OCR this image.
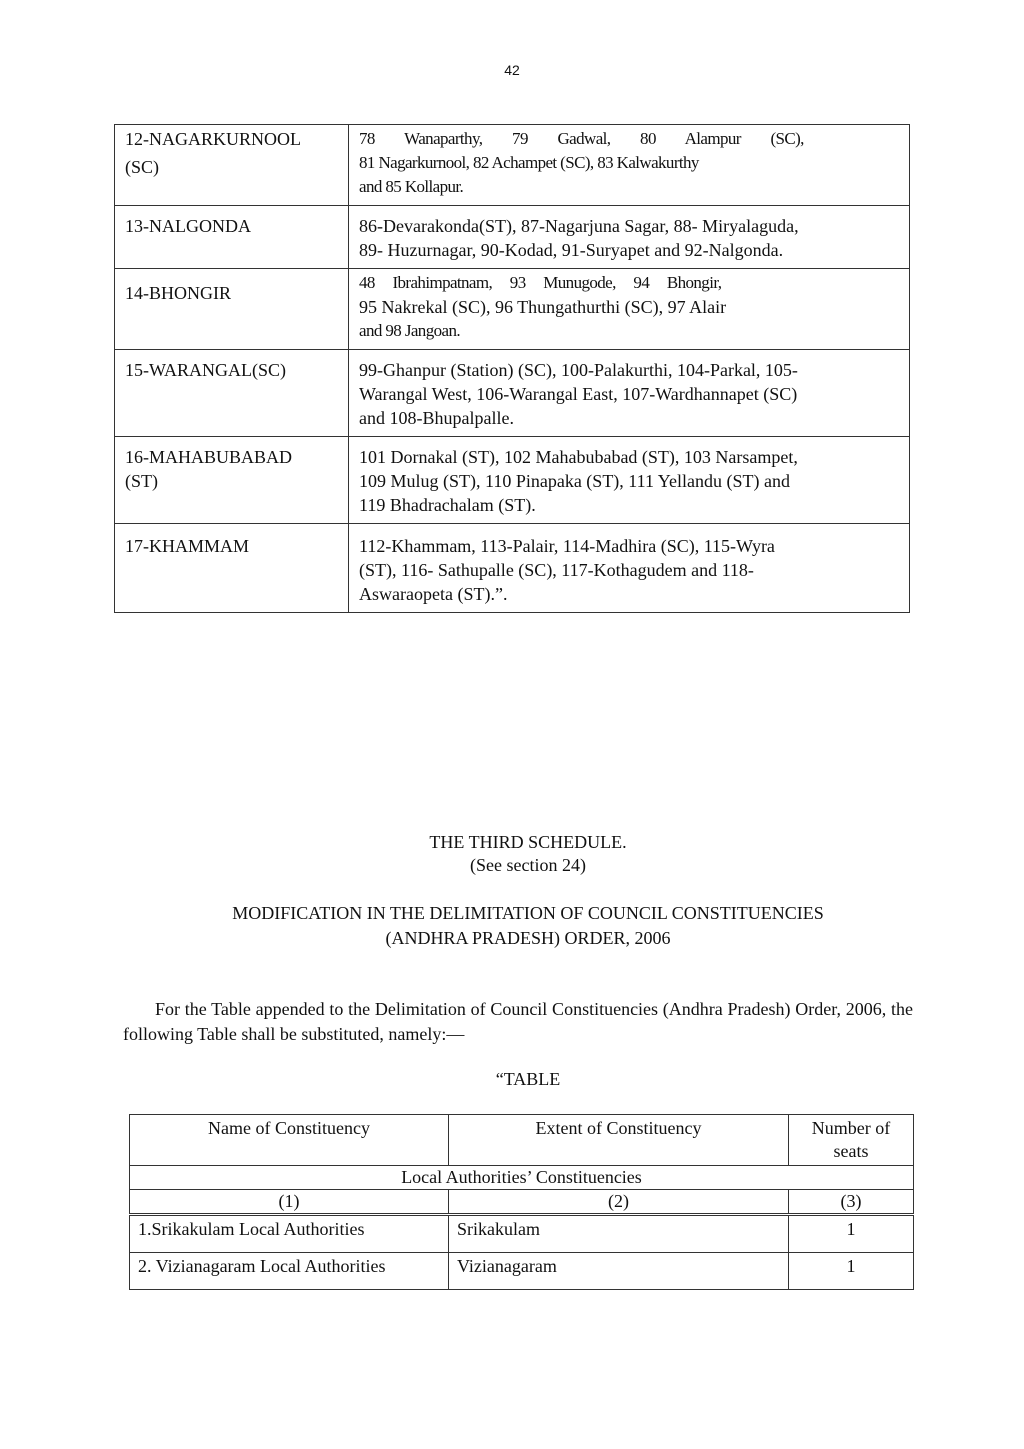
42
12-NAGARKURNOOL
(SC)	78 Wanaparthy, 79 Gadwal, 80 Alampur (SC),
81 Nagarkurnool, 82 Achampet (SC), 83 Kalwakurthy
and 85 Kollapur.

13-NALGONDA	86-Devarakonda(ST), 87-Nagarjuna Sagar, 88- Miryalaguda,
89- Huzurnagar, 90-Kodad, 91-Suryapet and 92-Nalgonda.

14-BHONGIR	48 Ibrahimpatnam, 93 Munugode, 94 Bhongir,
95 Nakrekal (SC), 96 Thungathurthi (SC), 97 Alair
and 98 Jangoan.

15-WARANGAL(SC)	99-Ghanpur (Station) (SC), 100-Palakurthi, 104-Parkal, 105-
Warangal West, 106-Warangal East, 107-Wardhannapet (SC)
and 108-Bhupalpalle.

16-MAHABUBABAD
(ST)	101 Dornakal (ST), 102 Mahabubabad (ST), 103 Narsampet,
109 Mulug (ST), 110 Pinapaka (ST), 111 Yellandu (ST) and
119 Bhadrachalam (ST).

17-KHAMMAM	112-Khammam, 113-Palair, 114-Madhira (SC), 115-Wyra
(ST), 116- Sathupalle (SC), 117-Kothagudem and 118-
Aswaraopeta (ST).”.
THE THIRD SCHEDULE.
(See section 24)
MODIFICATION IN THE DELIMITATION OF COUNCIL CONSTITUENCIES
(ANDHRA PRADESH) ORDER, 2006
For the Table appended to the Delimitation of Council Constituencies (Andhra Pradesh) Order, 2006, the following Table shall be substituted, namely:—
“TABLE
Name of Constituency	Extent of Constituency	Number of
seats
Local Authorities’ Constituencies		
(1)	(2)	(3)
1.Srikakulam Local Authorities	Srikakulam	1
2. Vizianagaram Local Authorities	Vizianagaram	1
